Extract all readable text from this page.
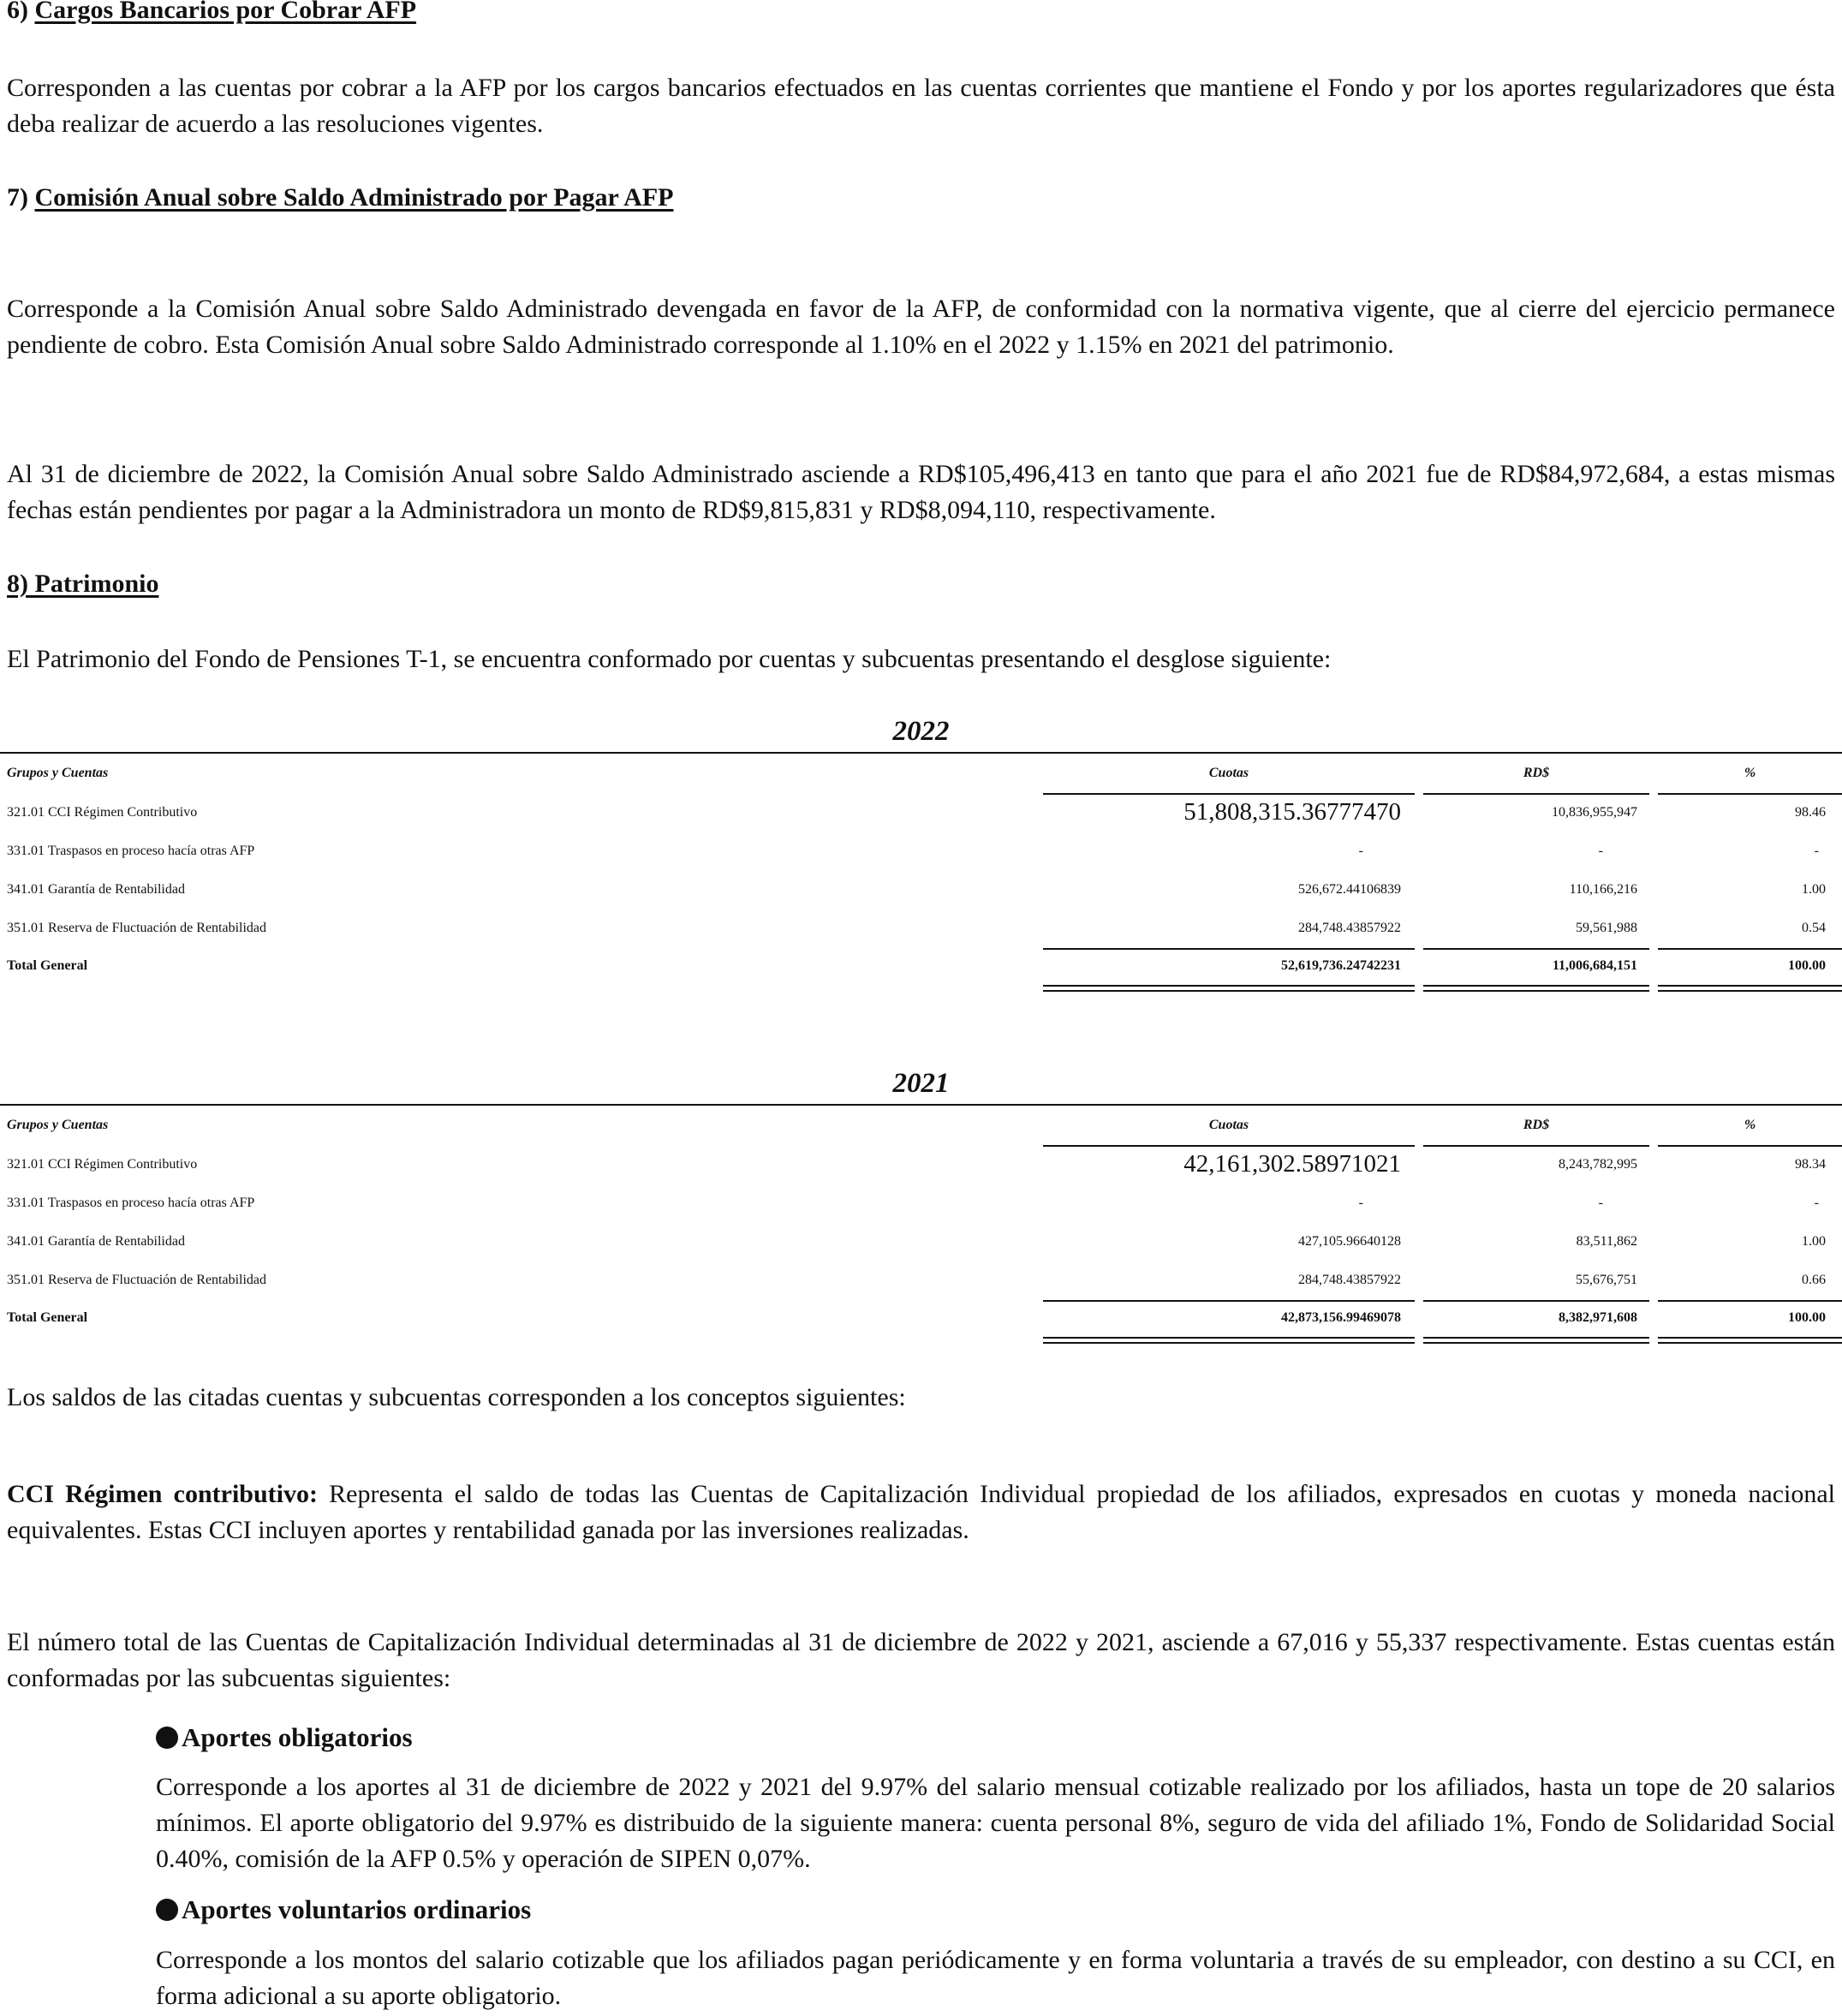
6) Cargos Bancarios por Cobrar AFP
Corresponden a las cuentas por cobrar a la AFP por los cargos bancarios efectuados en las cuentas corrientes que mantiene el Fondo y por los aportes regularizadores que ésta deba realizar de acuerdo a las resoluciones vigentes.
7) Comisión Anual sobre Saldo Administrado por Pagar AFP
Corresponde a la Comisión Anual sobre Saldo Administrado devengada en favor de la AFP, de conformidad con la normativa vigente, que al cierre del ejercicio permanece pendiente de cobro. Esta Comisión Anual sobre Saldo Administrado corresponde al 1.10% en el 2022 y 1.15% en 2021 del patrimonio.
Al 31 de diciembre de 2022, la Comisión Anual sobre Saldo Administrado asciende a RD$105,496,413 en tanto que para el año 2021 fue de RD$84,972,684, a estas mismas fechas están pendientes por pagar a la Administradora un monto de RD$9,815,831 y RD$8,094,110, respectivamente.
8) Patrimonio
El Patrimonio del Fondo de Pensiones T-1, se encuentra conformado por cuentas y subcuentas presentando el desglose siguiente:
2022
Grupos y Cuentas	Cuotas	RD$	%
321.01 CCI Régimen Contributivo	51,808,315.36777470	10,836,955,947	98.46
331.01 Traspasos en proceso hacía otras AFP	-	-	-
341.01 Garantía de Rentabilidad	526,672.44106839	110,166,216	1.00
351.01 Reserva de Fluctuación de Rentabilidad	284,748.43857922	59,561,988	0.54
Total General	52,619,736.24742231	11,006,684,151	100.00
2021
Grupos y Cuentas	Cuotas	RD$	%
321.01 CCI Régimen Contributivo	42,161,302.58971021	8,243,782,995	98.34
331.01 Traspasos en proceso hacía otras AFP	-	-	-
341.01 Garantía de Rentabilidad	427,105.96640128	83,511,862	1.00
351.01 Reserva de Fluctuación de Rentabilidad	284,748.43857922	55,676,751	0.66
Total General	42,873,156.99469078	8,382,971,608	100.00
Los saldos de las citadas cuentas y subcuentas corresponden a los conceptos siguientes:
CCI Régimen contributivo: Representa el saldo de todas las Cuentas de Capitalización Individual propiedad de los afiliados, expresados en cuotas y moneda nacional equivalentes. Estas CCI incluyen aportes y rentabilidad ganada por las inversiones realizadas.
El número total de las Cuentas de Capitalización Individual determinadas al 31 de diciembre de 2022 y 2021, asciende a 67,016 y 55,337 respectivamente. Estas cuentas están conformadas por las subcuentas siguientes:
Aportes obligatorios
Corresponde a los aportes al 31 de diciembre de 2022 y 2021 del 9.97% del salario mensual cotizable realizado por los afiliados, hasta un tope de 20 salarios mínimos. El aporte obligatorio del 9.97% es distribuido de la siguiente manera: cuenta personal 8%, seguro de vida del afiliado 1%, Fondo de Solidaridad Social 0.40%, comisión de la AFP 0.5% y operación de SIPEN 0,07%.
Aportes voluntarios ordinarios
Corresponde a los montos del salario cotizable que los afiliados pagan periódicamente y en forma voluntaria a través de su empleador, con destino a su CCI, en forma adicional a su aporte obligatorio.
